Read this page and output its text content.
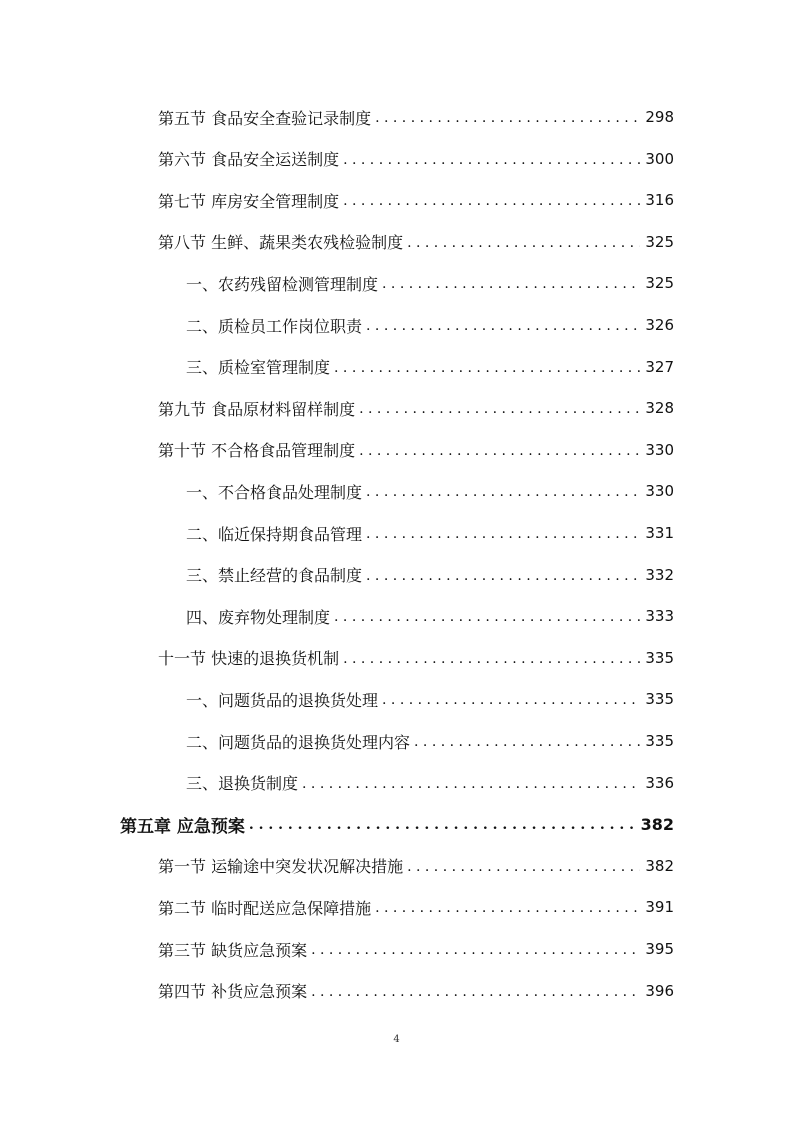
第五节 食品安全查验记录制度 . . .	298
第六节 食品安全运送制度 . . .	300
第七节 库房安全管理制度 . . .	316
第八节 生鲜、蔬果类农残检验制度 . . .	325
一、农药残留检测管理制度 . . .	325
二、质检员工作岗位职责 . . .	326
三、质检室管理制度 . . .	327
第九节 食品原材料留样制度 . . .	328
第十节 不合格食品管理制度 . . .	330
一、不合格食品处理制度 . . .	330
二、临近保持期食品管理 . . .	331
三、禁止经营的食品制度 . . .	332
四、废弃物处理制度 . . .	333
十一节 快速的退换货机制 . . .	335
一、问题货品的退换货处理 . . .	335
二、问题货品的退换货处理内容 . . .	335
三、退换货制度 . . .	336
第五章 应急预案 . . .	382
第一节 运输途中突发状况解决措施 . . .	382
第二节 临时配送应急保障措施 . . .	391
第三节 缺货应急预案 . . .	395
第四节 补货应急预案 . . .	396
4
